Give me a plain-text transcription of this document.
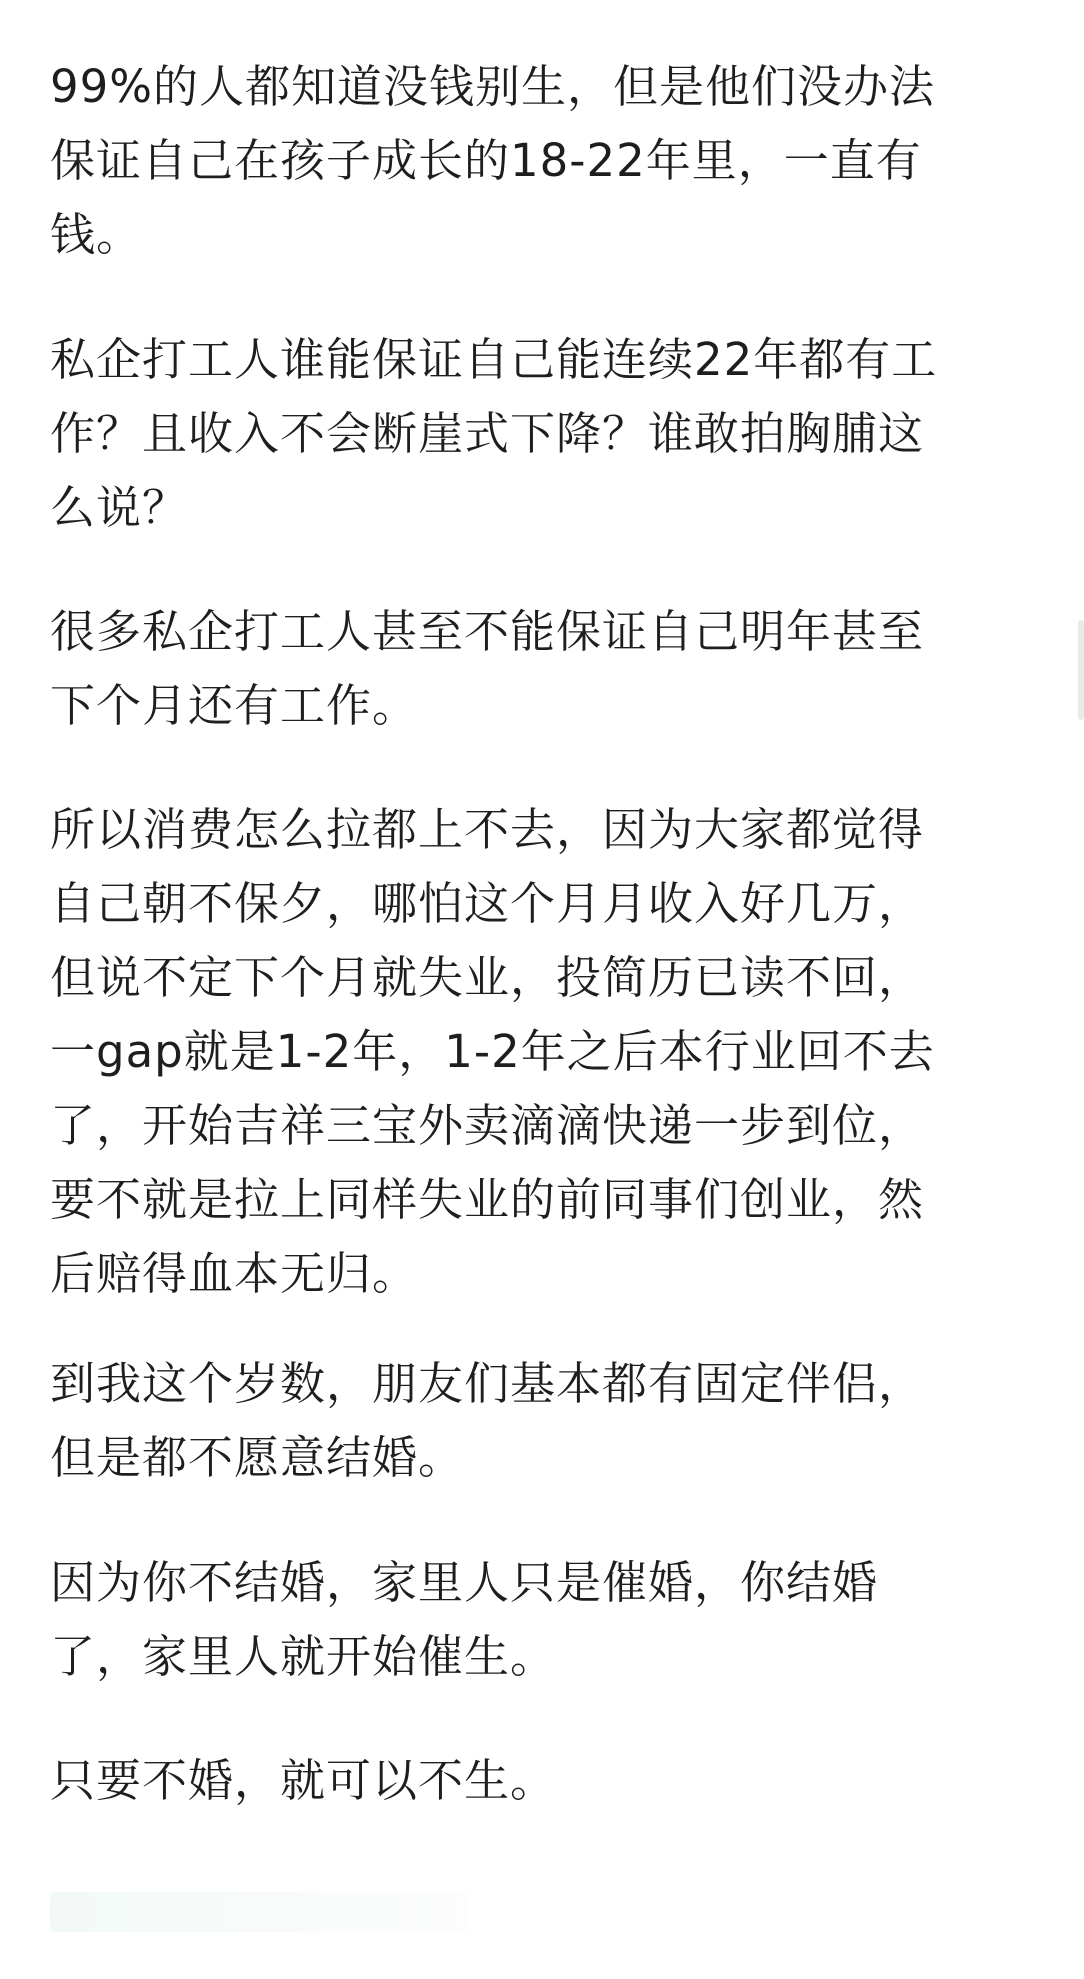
99%的人都知道没钱别生，但是他们没办法
保证自己在孩子成长的18-22年里，一直有
钱。

私企打工人谁能保证自己能连续22年都有工
作？且收入不会断崖式下降？谁敢拍胸脯这
么说？

很多私企打工人甚至不能保证自己明年甚至
下个月还有工作。

所以消费怎么拉都上不去，因为大家都觉得
自己朝不保夕，哪怕这个月月收入好几万，
但说不定下个月就失业，投简历已读不回，
一gap就是1-2年，1-2年之后本行业回不去
了，开始吉祥三宝外卖滴滴快递一步到位，
要不就是拉上同样失业的前同事们创业，然
后赔得血本无归。

到我这个岁数，朋友们基本都有固定伴侣，
但是都不愿意结婚。

因为你不结婚，家里人只是催婚，你结婚
了，家里人就开始催生。

只要不婚，就可以不生。
